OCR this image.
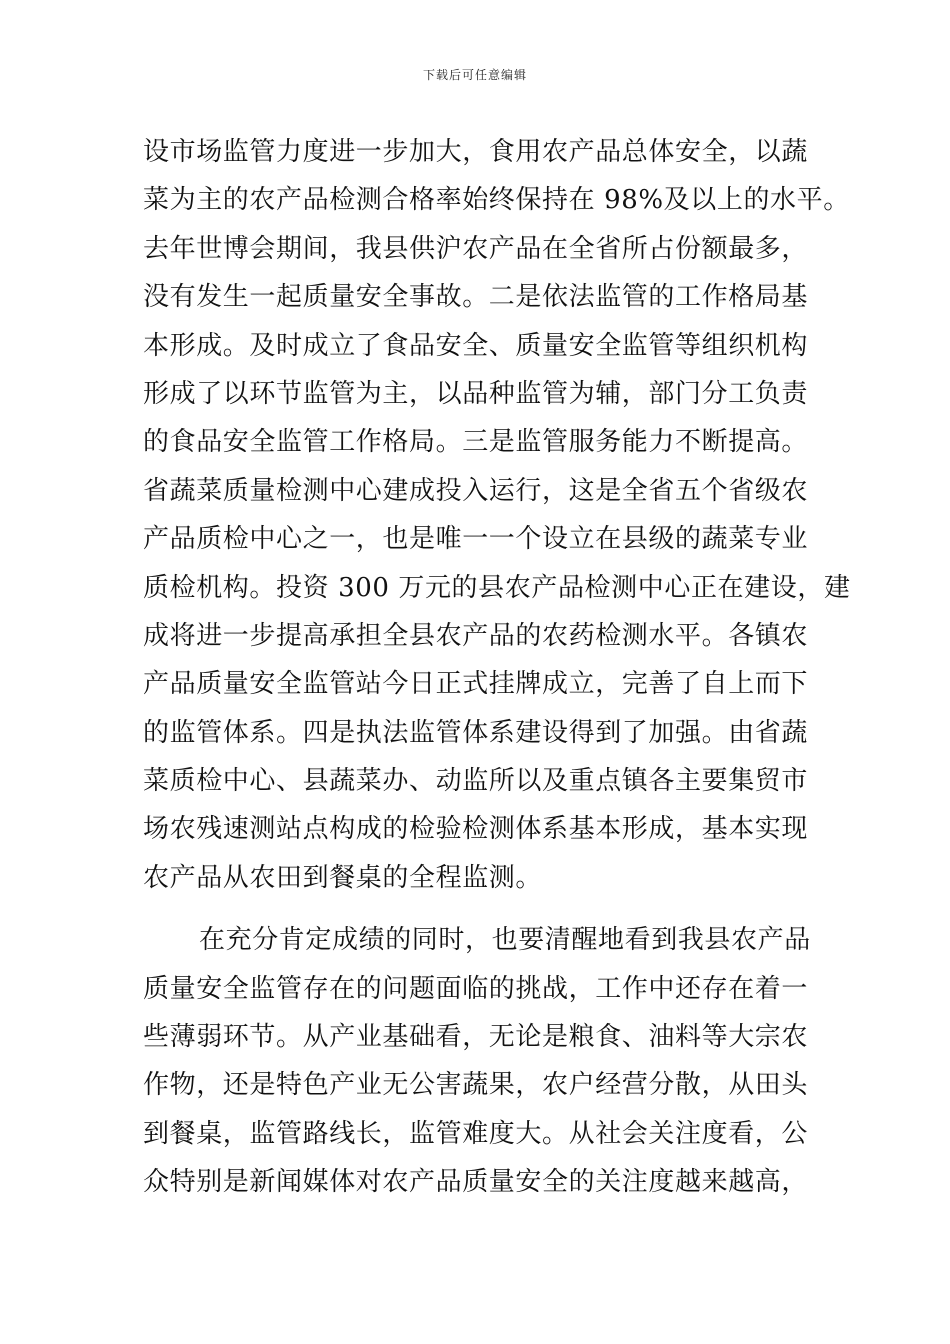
下载后可任意编辑
设市场监管力度进一步加大，食用农产品总体安全，以蔬
菜为主的农产品检测合格率始终保持在 98%及以上的水平。
去年世博会期间，我县供沪农产品在全省所占份额最多，
没有发生一起质量安全事故。二是依法监管的工作格局基
本形成。及时成立了食品安全、质量安全监管等组织机构
形成了以环节监管为主，以品种监管为辅，部门分工负责
的食品安全监管工作格局。三是监管服务能力不断提高。
省蔬菜质量检测中心建成投入运行，这是全省五个省级农
产品质检中心之一，也是唯一一个设立在县级的蔬菜专业
质检机构。投资 300 万元的县农产品检测中心正在建设，建
成将进一步提高承担全县农产品的农药检测水平。各镇农
产品质量安全监管站今日正式挂牌成立，完善了自上而下
的监管体系。四是执法监管体系建设得到了加强。由省蔬
菜质检中心、县蔬菜办、动监所以及重点镇各主要集贸市
场农残速测站点构成的检验检测体系基本形成，基本实现
农产品从农田到餐桌的全程监测。
在充分肯定成绩的同时，也要清醒地看到我县农产品
质量安全监管存在的问题面临的挑战，工作中还存在着一
些薄弱环节。从产业基础看，无论是粮食、油料等大宗农
作物，还是特色产业无公害蔬果，农户经营分散，从田头
到餐桌，监管路线长，监管难度大。从社会关注度看，公
众特别是新闻媒体对农产品质量安全的关注度越来越高，
